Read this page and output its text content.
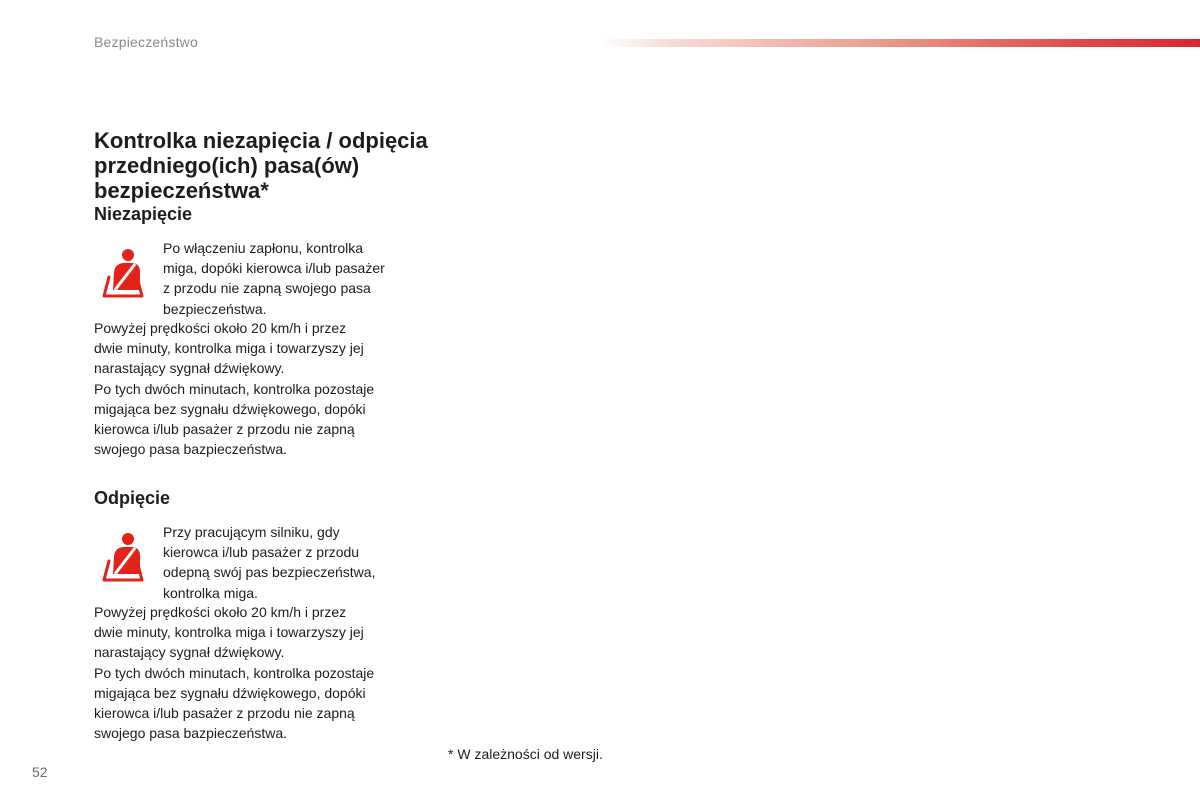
Bezpieczeństwo
Kontrolka niezapięcia / odpięcia
przedniego(ich) pasa(ów)
bezpieczeństwa*
Niezapięcie
Po włączeniu zapłonu, kontrolka
miga, dopóki kierowca i/lub pasażer
z przodu nie zapną swojego pasa
bezpieczeństwa.
Powyżej prędkości około 20 km/h i przez
dwie minuty, kontrolka miga i towarzyszy jej
narastający sygnał dźwiękowy.
Po tych dwóch minutach, kontrolka pozostaje
migająca bez sygnału dźwiękowego, dopóki
kierowca i/lub pasażer z przodu nie zapną
swojego pasa bazpieczeństwa.
Odpięcie
Przy pracującym silniku, gdy
kierowca i/lub pasażer z przodu
odepną swój pas bezpieczeństwa,
kontrolka miga.
Powyżej prędkości około 20 km/h i przez
dwie minuty, kontrolka miga i towarzyszy jej
narastający sygnał dźwiękowy.
Po tych dwóch minutach, kontrolka pozostaje
migająca bez sygnału dźwiękowego, dopóki
kierowca i/lub pasażer z przodu nie zapną
swojego pasa bazpieczeństwa.
* W zależności od wersji.
52
